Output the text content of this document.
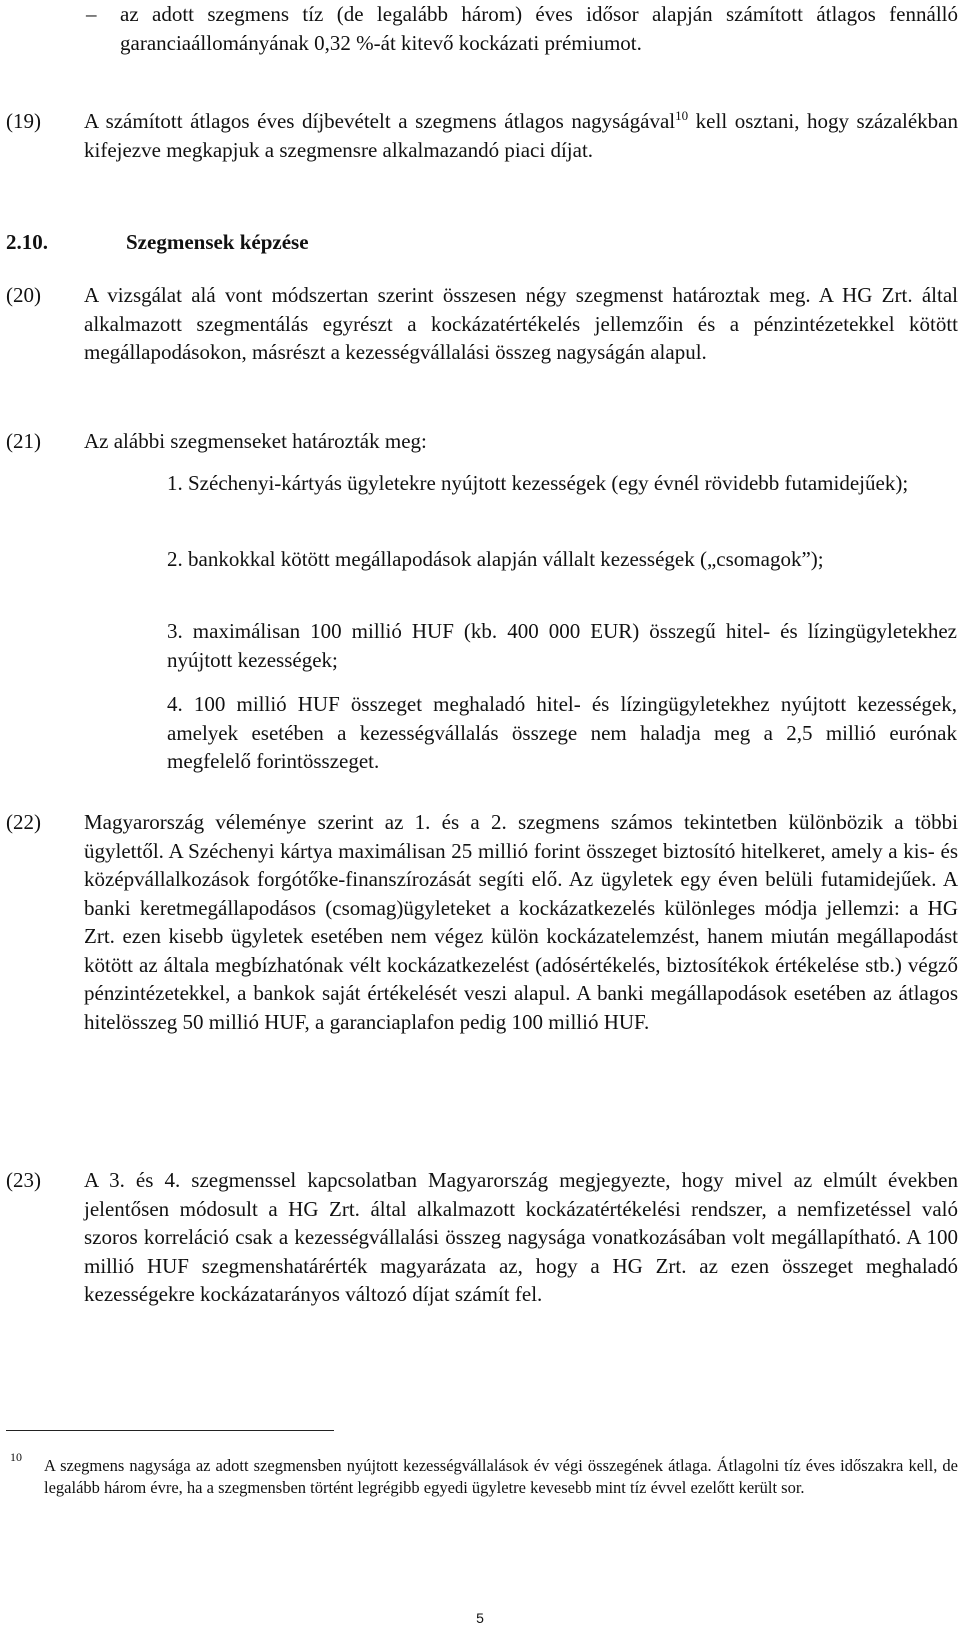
– az adott szegmens tíz (de legalább három) éves idősor alapján számított átlagos fennálló garanciaállományának 0,32 %-át kitevő kockázati prémiumot.

(19) A számított átlagos éves díjbevételt a szegmens átlagos nagyságával$^{10}$ kell osztani, hogy százalékban kifejezve megkapjuk a szegmensre alkalmazandó piaci díjat.

2.10.	Szegmensek képzése
(20) A vizsgálat alá vont módszertan szerint összesen négy szegmenst határoztak meg. A HG Zrt. által alkalmazott szegmentálás egyrészt a kockázatértékelés jellemzőin és a pénzintézetekkel kötött megállapodásokon, másrészt a kezességvállalási összeg nagyságán alapul.

(21) Az alábbi szegmenseket határozták meg:

1. Széchenyi-kártyás ügyletekre nyújtott kezességek (egy évnél rövidebb futamidejűek);
2. bankokkal kötött megállapodások alapján vállalt kezességek („csomagok”);
3. maximálisan 100 millió HUF (kb. 400 000 EUR) összegű hitel- és lízingügyletekhez nyújtott kezességek;
4. 100 millió HUF összeget meghaladó hitel- és lízingügyletekhez nyújtott kezességek, amelyek esetében a kezességvállalás összege nem haladja meg a 2,5 millió eurónak megfelelő forintösszeget.
(22) Magyarország véleménye szerint az 1. és a 2. szegmens számos tekintetben különbözik a többi ügylettől. A Széchenyi kártya maximálisan 25 millió forint összeget biztosító hitelkeret, amely a kis- és középvállalkozások forgótőke-finanszírozását segíti elő. Az ügyletek egy éven belüli futamidejűek. A banki keretmegállapodásos (csomag)ügyleteket a kockázatkezelés különleges módja jellemzi: a HG Zrt. ezen kisebb ügyletek esetében nem végez külön kockázatelemzést, hanem miután megállapodást kötött az általa megbízhatónak vélt kockázatkezelést (adósértékelés, biztosítékok értékelése stb.) végző pénzintézetekkel, a bankok saját értékelését veszi alapul. A banki megállapodások esetében az átlagos hitelösszeg 50 millió HUF, a garanciaplafon pedig 100 millió HUF.

(23) A 3. és 4. szegmenssel kapcsolatban Magyarország megjegyezte, hogy mivel az elmúlt években jelentősen módosult a HG Zrt. által alkalmazott kockázatértékelési rendszer, a nemfizetéssel való szoros korreláció csak a kezességvállalási összeg nagysága vonatkozásában volt megállapítható. A 100 millió HUF szegmenshatárérték magyarázata az, hogy a HG Zrt. az ezen összeget meghaladó kezességekre kockázatarányos változó díjat számít fel.

10 A szegmens nagysága az adott szegmensben nyújtott kezességvállalások év végi összegének átlaga. Átlagolni tíz éves időszakra kell, de legalább három évre, ha a szegmensben történt legrégibb egyedi ügyletre kevesebb mint tíz évvel ezelőtt került sor.

5
